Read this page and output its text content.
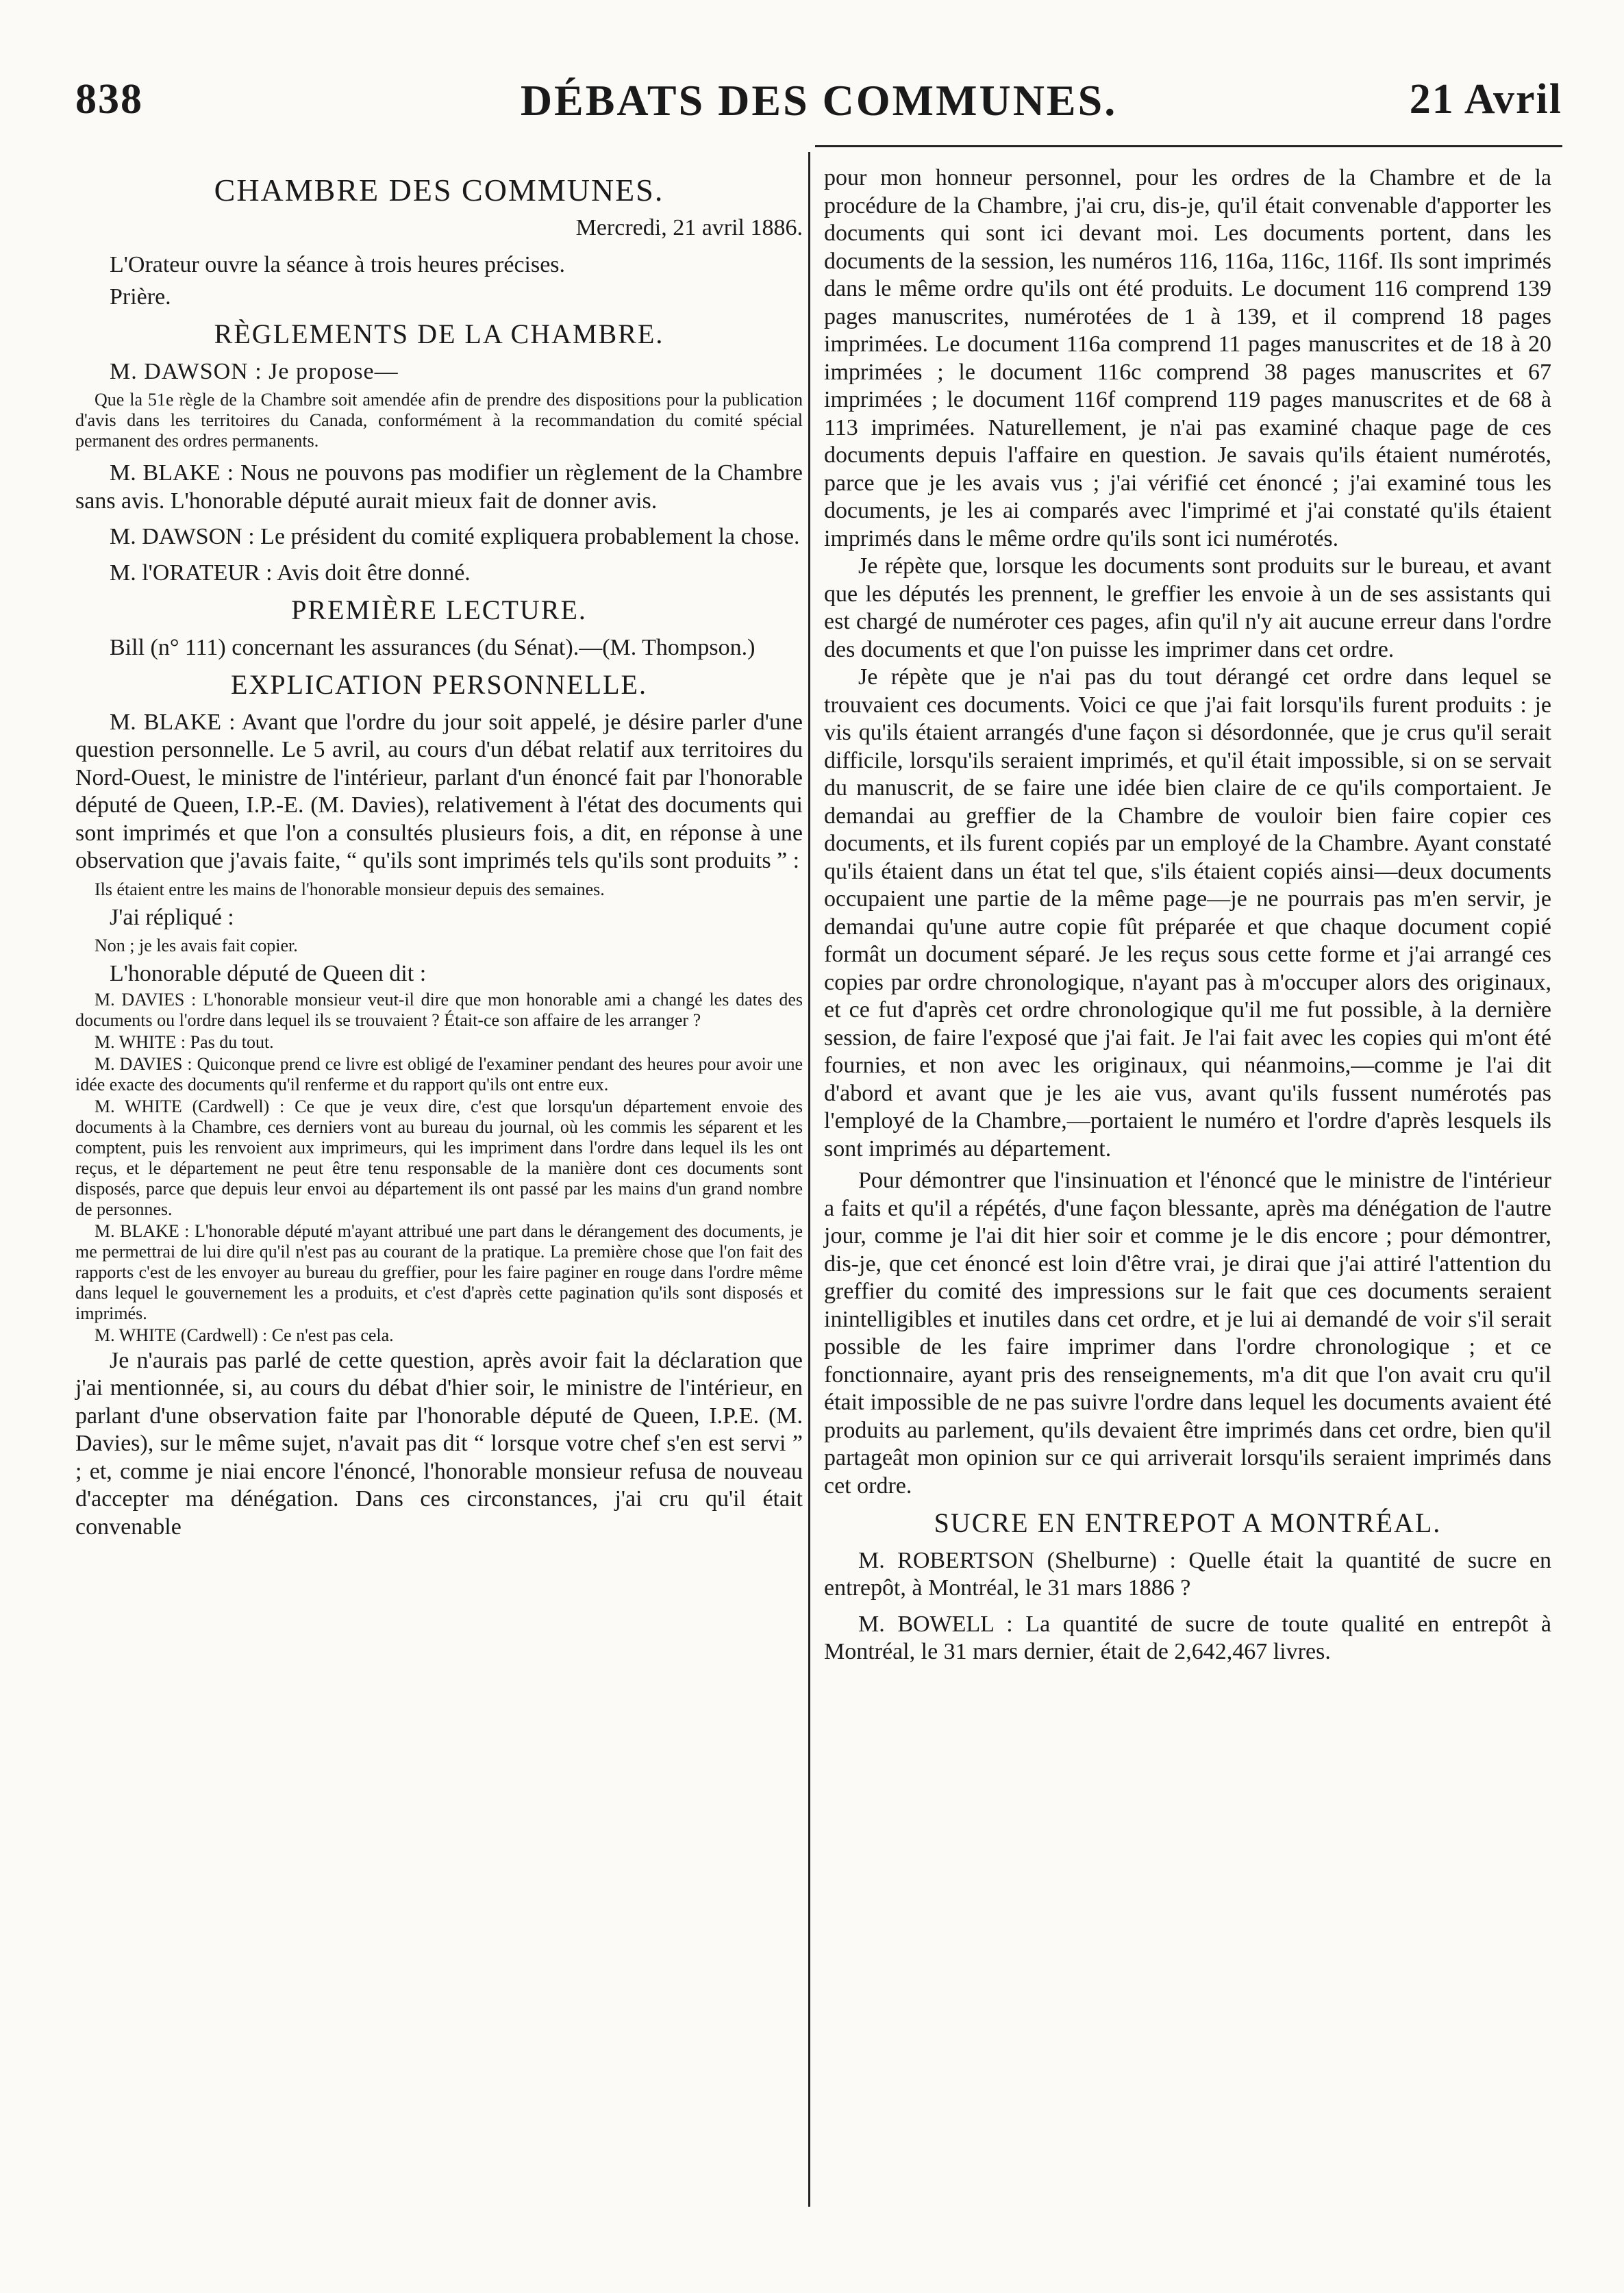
838	DÉBATS DES COMMUNES.	21 Avril
CHAMBRE DES COMMUNES.
Mercredi, 21 avril 1886.

L'Orateur ouvre la séance à trois heures précises.

Prière.

RÈGLEMENTS DE LA CHAMBRE.

M. DAWSON : Je propose—

Que la 51e règle de la Chambre soit amendée afin de prendre des dispositions pour la publication d'avis dans les territoires du Canada, conformément à la recommandation du comité spécial permanent des ordres permanents.

M. BLAKE : Nous ne pouvons pas modifier un règlement de la Chambre sans avis. L'honorable député aurait mieux fait de donner avis.

M. DAWSON : Le président du comité expliquera probablement la chose.

M. l'ORATEUR : Avis doit être donné.

PREMIÈRE LECTURE.

Bill (n° 111) concernant les assurances (du Sénat).—(M. Thompson.)

EXPLICATION PERSONNELLE.

M. BLAKE : Avant que l'ordre du jour soit appelé, je désire parler d'une question personnelle. Le 5 avril, au cours d'un débat relatif aux territoires du Nord-Ouest, le ministre de l'intérieur, parlant d'un énoncé fait par l'honorable député de Queen, I.P.-E. (M. Davies), relativement à l'état des documents qui sont imprimés et que l'on a consultés plusieurs fois, a dit, en réponse à une observation que j'avais faite, “ qu'ils sont imprimés tels qu'ils sont produits ” :

Ils étaient entre les mains de l'honorable monsieur depuis des semaines.

J'ai répliqué :

Non ; je les avais fait copier.

L'honorable député de Queen dit :

M. DAVIES : L'honorable monsieur veut-il dire que mon honorable ami a changé les dates des documents ou l'ordre dans lequel ils se trouvaient ? Était-ce son affaire de les arranger ?
M. WHITE : Pas du tout.
M. DAVIES : Quiconque prend ce livre est obligé de l'examiner pendant des heures pour avoir une idée exacte des documents qu'il renferme et du rapport qu'ils ont entre eux.
M. WHITE (Cardwell) : Ce que je veux dire, c'est que lorsqu'un département envoie des documents à la Chambre, ces derniers vont au bureau du journal, où les commis les séparent et les comptent, puis les renvoient aux imprimeurs, qui les impriment dans l'ordre dans lequel ils les ont reçus, et le département ne peut être tenu responsable de la manière dont ces documents sont disposés, parce que depuis leur envoi au département ils ont passé par les mains d'un grand nombre de personnes.
M. BLAKE : L'honorable député m'ayant attribué une part dans le dérangement des documents, je me permettrai de lui dire qu'il n'est pas au courant de la pratique. La première chose que l'on fait des rapports c'est de les envoyer au bureau du greffier, pour les faire paginer en rouge dans l'ordre même dans lequel le gouvernement les a produits, et c'est d'après cette pagination qu'ils sont disposés et imprimés.
M. WHITE (Cardwell) : Ce n'est pas cela.

Je n'aurais pas parlé de cette question, après avoir fait la déclaration que j'ai mentionnée, si, au cours du débat d'hier soir, le ministre de l'intérieur, en parlant d'une observation faite par l'honorable député de Queen, I.P.E. (M. Davies), sur le même sujet, n'avait pas dit “ lorsque votre chef s'en est servi ” ; et, comme je niai encore l'énoncé, l'honorable monsieur refusa de nouveau d'accepter ma dénégation. Dans ces circonstances, j'ai cru qu'il était convenable

pour mon honneur personnel, pour les ordres de la Chambre et de la procédure de la Chambre, j'ai cru, dis-je, qu'il était convenable d'apporter les documents qui sont ici devant moi. Les documents portent, dans les documents de la session, les numéros 116, 116a, 116c, 116f. Ils sont imprimés dans le même ordre qu'ils ont été produits. Le document 116 comprend 139 pages manuscrites, numérotées de 1 à 139, et il comprend 18 pages imprimées. Le document 116a comprend 11 pages manuscrites et de 18 à 20 imprimées ; le document 116c comprend 38 pages manuscrites et 67 imprimées ; le document 116f comprend 119 pages manuscrites et de 68 à 113 imprimées. Naturellement, je n'ai pas examiné chaque page de ces documents depuis l'affaire en question. Je savais qu'ils étaient numérotés, parce que je les avais vus ; j'ai vérifié cet énoncé ; j'ai examiné tous les documents, je les ai comparés avec l'imprimé et j'ai constaté qu'ils étaient imprimés dans le même ordre qu'ils sont ici numérotés.

Je répète que, lorsque les documents sont produits sur le bureau, et avant que les députés les prennent, le greffier les envoie à un de ses assistants qui est chargé de numéroter ces pages, afin qu'il n'y ait aucune erreur dans l'ordre des documents et que l'on puisse les imprimer dans cet ordre.

Je répète que je n'ai pas du tout dérangé cet ordre dans lequel se trouvaient ces documents. Voici ce que j'ai fait lorsqu'ils furent produits : je vis qu'ils étaient arrangés d'une façon si désordonnée, que je crus qu'il serait difficile, lorsqu'ils seraient imprimés, et qu'il était impossible, si on se servait du manuscrit, de se faire une idée bien claire de ce qu'ils comportaient. Je demandai au greffier de la Chambre de vouloir bien faire copier ces documents, et ils furent copiés par un employé de la Chambre. Ayant constaté qu'ils étaient dans un état tel que, s'ils étaient copiés ainsi—deux documents occupaient une partie de la même page—je ne pourrais pas m'en servir, je demandai qu'une autre copie fût préparée et que chaque document copié formât un document séparé. Je les reçus sous cette forme et j'ai arrangé ces copies par ordre chronologique, n'ayant pas à m'occuper alors des originaux, et ce fut d'après cet ordre chronologique qu'il me fut possible, à la dernière session, de faire l'exposé que j'ai fait. Je l'ai fait avec les copies qui m'ont été fournies, et non avec les originaux, qui néanmoins,—comme je l'ai dit d'abord et avant que je les aie vus, avant qu'ils fussent numérotés pas l'employé de la Chambre,—portaient le numéro et l'ordre d'après lesquels ils sont imprimés au département.

Pour démontrer que l'insinuation et l'énoncé que le ministre de l'intérieur a faits et qu'il a répétés, d'une façon blessante, après ma dénégation de l'autre jour, comme je l'ai dit hier soir et comme je le dis encore ; pour démontrer, dis-je, que cet énoncé est loin d'être vrai, je dirai que j'ai attiré l'attention du greffier du comité des impressions sur le fait que ces documents seraient inintelligibles et inutiles dans cet ordre, et je lui ai demandé de voir s'il serait possible de les faire imprimer dans l'ordre chronologique ; et ce fonctionnaire, ayant pris des renseignements, m'a dit que l'on avait cru qu'il était impossible de ne pas suivre l'ordre dans lequel les documents avaient été produits au parlement, qu'ils devaient être imprimés dans cet ordre, bien qu'il partageât mon opinion sur ce qui arriverait lorsqu'ils seraient imprimés dans cet ordre.

SUCRE EN ENTREPOT A MONTRÉAL.

M. ROBERTSON (Shelburne) : Quelle était la quantité de sucre en entrepôt, à Montréal, le 31 mars 1886 ?

M. BOWELL : La quantité de sucre de toute qualité en entrepôt à Montréal, le 31 mars dernier, était de 2,642,467 livres.
